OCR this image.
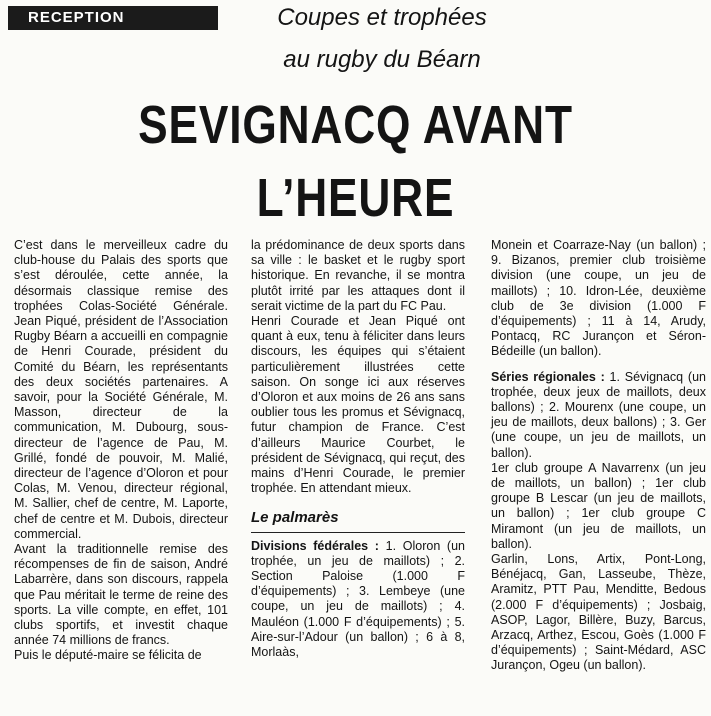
RECEPTION	Coupes et trophées
au rugby du Béarn
SEVIGNACQ AVANT
L’HEURE

C’est dans le merveilleux cadre du club-house du Palais des sports que s’est déroulée, cette année, la désormais classique remise des trophées Colas-Société Générale. Jean Piqué, président de l’Association Rugby Béarn a accueilli en compagnie de Henri Courade, président du Comité du Béarn, les représentants des deux sociétés partenaires. A savoir, pour la Société Générale, M. Masson, directeur de la communication, M. Dubourg, sous-directeur de l’agence de Pau, M. Grillé, fondé de pouvoir, M. Malié, directeur de l’agence d’Oloron et pour Colas, M. Venou, directeur régional, M. Sallier, chef de centre, M. Laporte, chef de centre et M. Dubois, directeur commercial.

Avant la traditionnelle remise des récompenses de fin de saison, André Labarrère, dans son discours, rappela que Pau méritait le terme de reine des sports. La ville compte, en effet, 101 clubs sportifs, et investit chaque année 74 millions de francs.

Puis le député-maire se félicita de

la prédominance de deux sports dans sa ville : le basket et le rugby sport historique. En revanche, il se montra plutôt irrité par les attaques dont il serait victime de la part du FC Pau.

Henri Courade et Jean Piqué ont quant à eux, tenu à féliciter dans leurs discours, les équipes qui s’étaient particulièrement illustrées cette saison. On songe ici aux réserves d’Oloron et aux moins de 26 ans sans oublier tous les promus et Sévignacq, futur champion de France. C’est d’ailleurs Maurice Courbet, le président de Sévignacq, qui reçut, des mains d’Henri Courade, le premier trophée. En attendant mieux.

Le palmarès

Divisions fédérales : 1. Oloron (un trophée, un jeu de maillots) ; 2. Section Paloise (1.000 F d’équipements) ; 3. Lembeye (une coupe, un jeu de maillots) ; 4. Mauléon (1.000 F d’équipements) ; 5. Aire-sur-l’Adour (un ballon) ; 6 à 8, Morlaàs,

Monein et Coarraze-Nay (un ballon) ; 9. Bizanos, premier club troisième division (une coupe, un jeu de maillots) ; 10. Idron-Lée, deuxième club de 3e division (1.000 F d’équipements) ; 11 à 14, Arudy, Pontacq, RC Jurançon et Séron-Bédeille (un ballon).

Séries régionales : 1. Sévignacq (un trophée, deux jeux de maillots, deux ballons) ; 2. Mourenx (une coupe, un jeu de maillots, deux ballons) ; 3. Ger (une coupe, un jeu de maillots, un ballon).

1er club groupe A Navarrenx (un jeu de maillots, un ballon) ; 1er club groupe B Lescar (un jeu de maillots, un ballon) ; 1er club groupe C Miramont (un jeu de maillots, un ballon).

Garlin, Lons, Artix, Pont-Long, Bénéjacq, Gan, Lasseube, Thèze, Aramitz, PTT Pau, Menditte, Bedous (2.000 F d’équipements) ; Josbaig, ASOP, Lagor, Billère, Buzy, Barcus, Arzacq, Arthez, Escou, Goès (1.000 F d’équipements) ; Saint-Médard, ASC Jurançon, Ogeu (un ballon).
